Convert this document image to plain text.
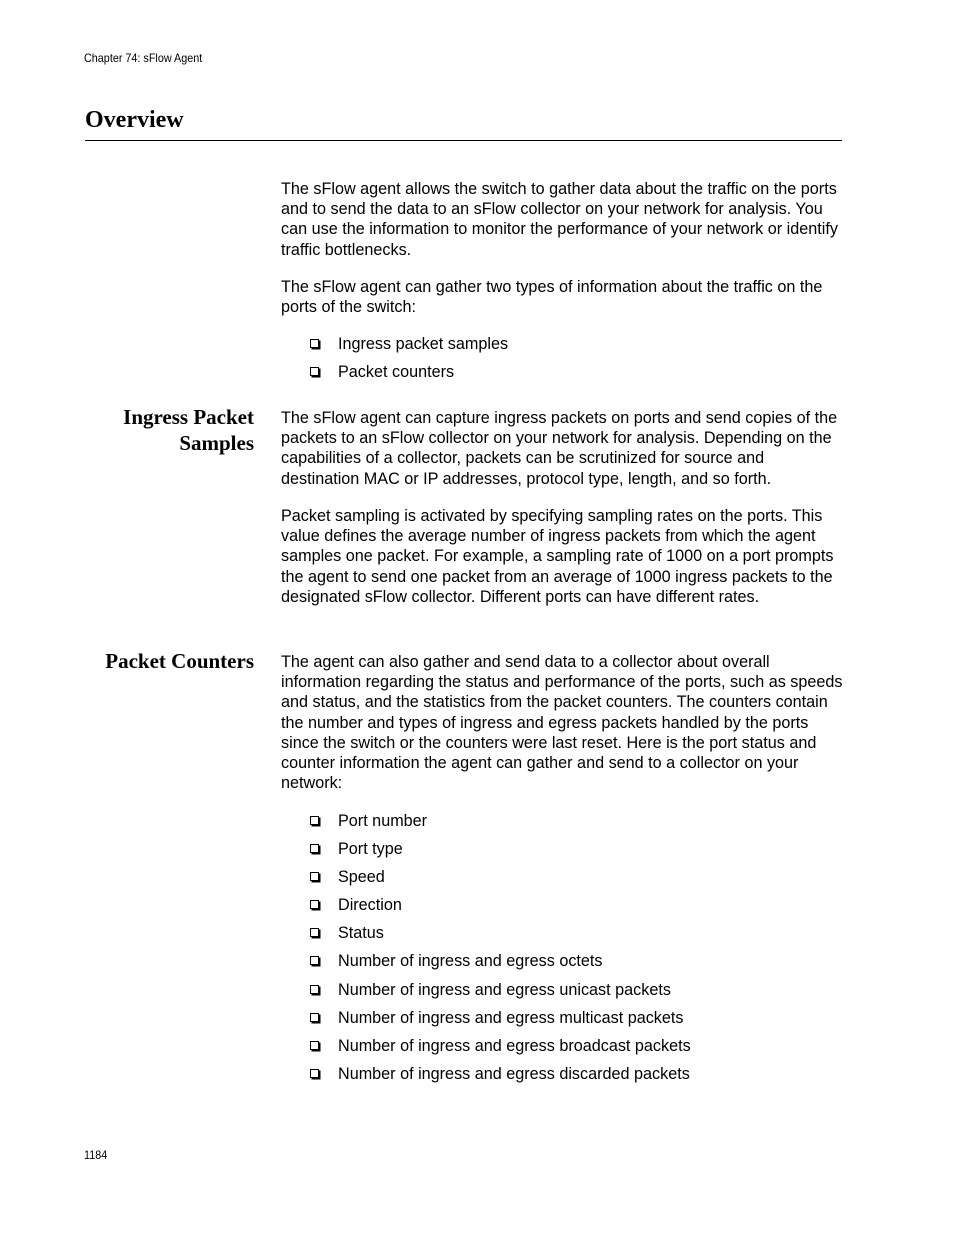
Chapter 74: sFlow Agent
Overview

The sFlow agent allows the switch to gather data about the traffic on the ports and to send the data to an sFlow collector on your network for analysis. You can use the information to monitor the performance of your network or identify traffic bottlenecks.

The sFlow agent can gather two types of information about the traffic on the ports of the switch:

Ingress packet samples
Packet counters
Ingress Packet
Samples

The sFlow agent can capture ingress packets on ports and send copies of the packets to an sFlow collector on your network for analysis. Depending on the capabilities of a collector, packets can be scrutinized for source and destination MAC or IP addresses, protocol type, length, and so forth.

Packet sampling is activated by specifying sampling rates on the ports. This value defines the average number of ingress packets from which the agent samples one packet. For example, a sampling rate of 1000 on a port prompts the agent to send one packet from an average of 1000 ingress packets to the designated sFlow collector. Different ports can have different rates.

Packet Counters The agent can also gather and send data to a collector about overall information regarding the status and performance of the ports, such as speeds and status, and the statistics from the packet counters. The counters contain the number and types of ingress and egress packets handled by the ports since the switch or the counters were last reset. Here is the port status and counter information the agent can gather and send to a collector on your network:

Port number
Port type
Speed
Direction
Status
Number of ingress and egress octets
Number of ingress and egress unicast packets
Number of ingress and egress multicast packets
Number of ingress and egress broadcast packets
Number of ingress and egress discarded packets
1184
